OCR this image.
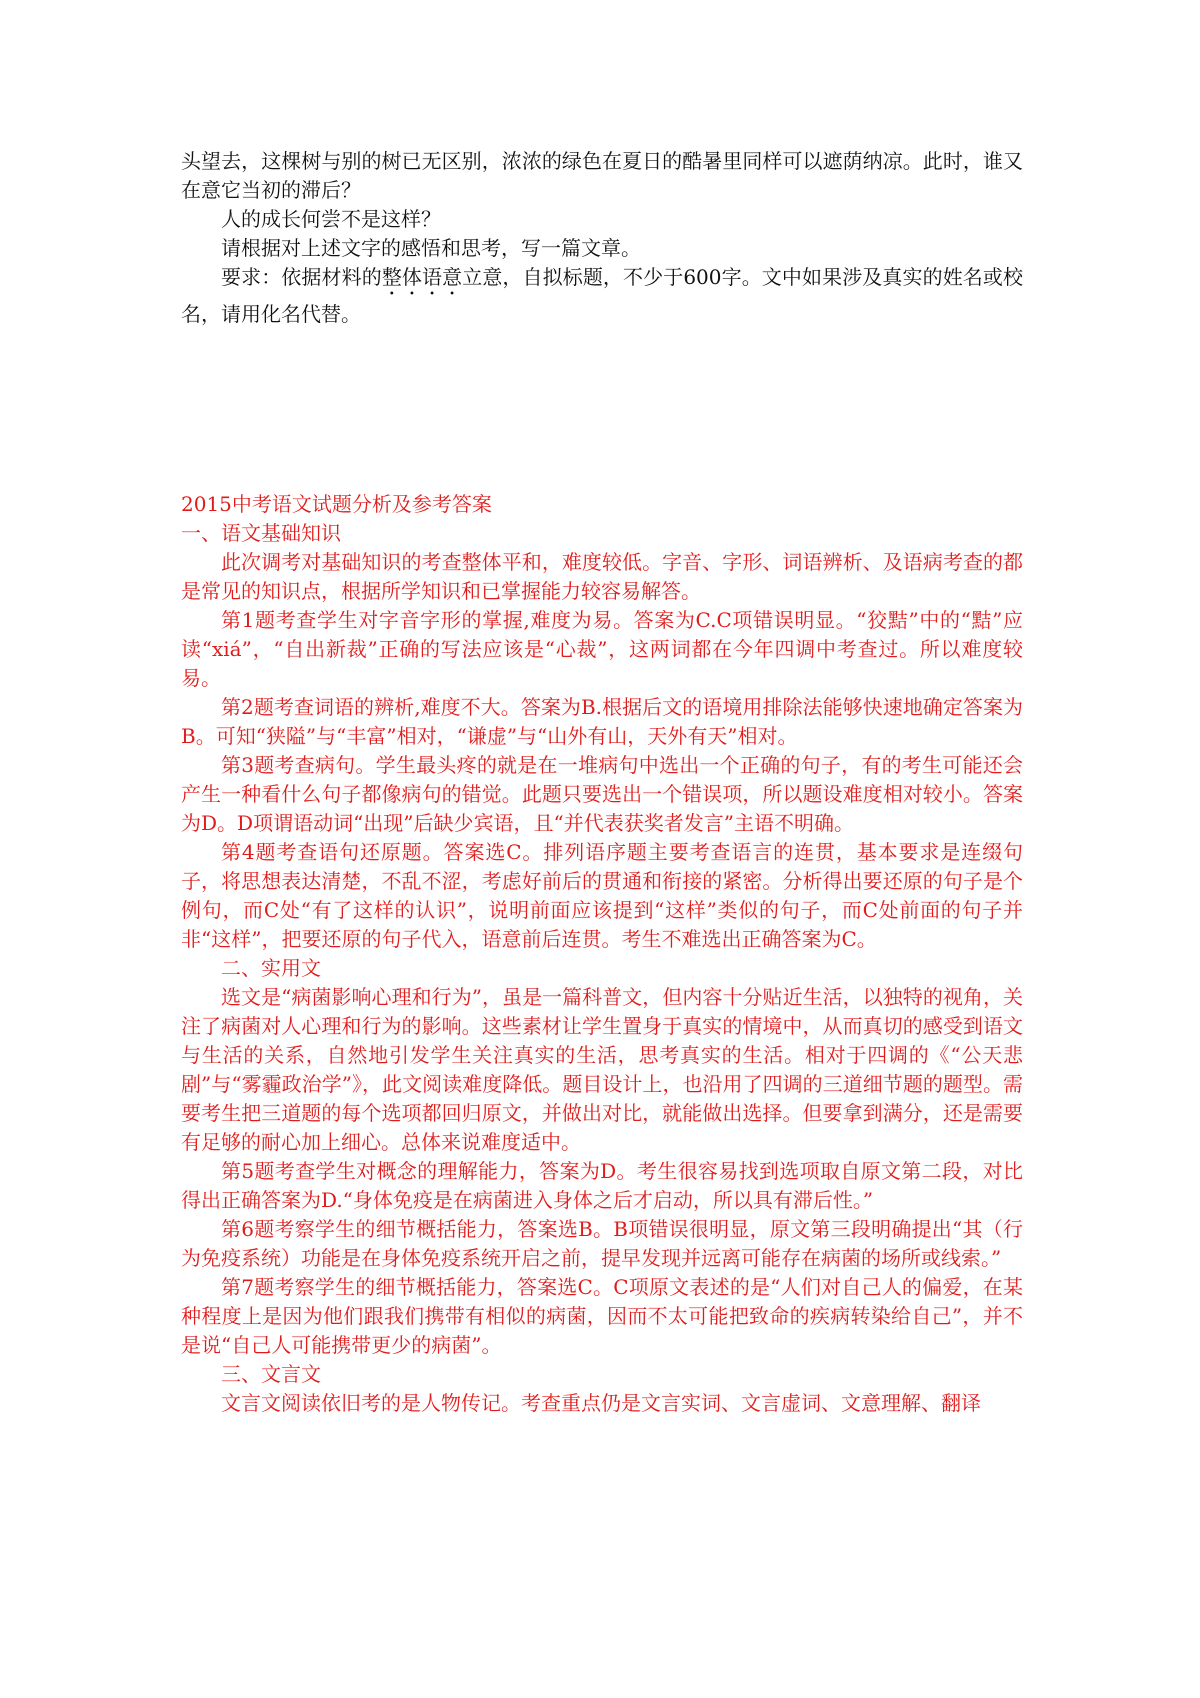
头望去，这棵树与别的树已无区别，浓浓的绿色在夏日的酷暑里同样可以遮荫纳凉。此时，谁又在意它当初的滞后？

人的成长何尝不是这样？

请根据对上述文字的感悟和思考，写一篇文章。

要求：依据材料的整体语意立意，自拟标题，不少于600字。文中如果涉及真实的姓名或校名，请用化名代替。

2015中考语文试题分析及参考答案

一、语文基础知识

此次调考对基础知识的考查整体平和，难度较低。字音、字形、词语辨析、及语病考查的都是常见的知识点，根据所学知识和已掌握能力较容易解答。

第1题考查学生对字音字形的掌握,难度为易。答案为C.C项错误明显。“狡黠”中的“黠”应读“xiá”，“自出新裁”正确的写法应该是“心裁”，这两词都在今年四调中考查过。所以难度较易。

第2题考查词语的辨析,难度不大。答案为B.根据后文的语境用排除法能够快速地确定答案为B。可知“狭隘”与“丰富”相对，“谦虚”与“山外有山，天外有天”相对。

第3题考查病句。学生最头疼的就是在一堆病句中选出一个正确的句子，有的考生可能还会产生一种看什么句子都像病句的错觉。此题只要选出一个错误项，所以题设难度相对较小。答案为D。D项谓语动词“出现”后缺少宾语，且“并代表获奖者发言”主语不明确。

第4题考查语句还原题。答案选C。排列语序题主要考查语言的连贯，基本要求是连缀句子，将思想表达清楚，不乱不涩，考虑好前后的贯通和衔接的紧密。分析得出要还原的句子是个例句，而C处“有了这样的认识”，说明前面应该提到“这样”类似的句子，而C处前面的句子并非“这样”，把要还原的句子代入，语意前后连贯。考生不难选出正确答案为C。

二、实用文

选文是“病菌影响心理和行为”，虽是一篇科普文，但内容十分贴近生活，以独特的视角，关注了病菌对人心理和行为的影响。这些素材让学生置身于真实的情境中，从而真切的感受到语文与生活的关系，自然地引发学生关注真实的生活，思考真实的生活。相对于四调的《“公天悲剧”与“雾霾政治学”》，此文阅读难度降低。题目设计上，也沿用了四调的三道细节题的题型。需要考生把三道题的每个选项都回归原文，并做出对比，就能做出选择。但要拿到满分，还是需要有足够的耐心加上细心。总体来说难度适中。

第5题考查学生对概念的理解能力，答案为D。考生很容易找到选项取自原文第二段，对比得出正确答案为D.“身体免疫是在病菌进入身体之后才启动，所以具有滞后性。”

第6题考察学生的细节概括能力，答案选B。B项错误很明显，原文第三段明确提出“其（行为免疫系统）功能是在身体免疫系统开启之前，提早发现并远离可能存在病菌的场所或线索。”

第7题考察学生的细节概括能力，答案选C。C项原文表述的是“人们对自己人的偏爱，在某种程度上是因为他们跟我们携带有相似的病菌，因而不太可能把致命的疾病转染给自己”，并不是说“自己人可能携带更少的病菌”。

三、文言文

文言文阅读依旧考的是人物传记。考查重点仍是文言实词、文言虚词、文意理解、翻译
